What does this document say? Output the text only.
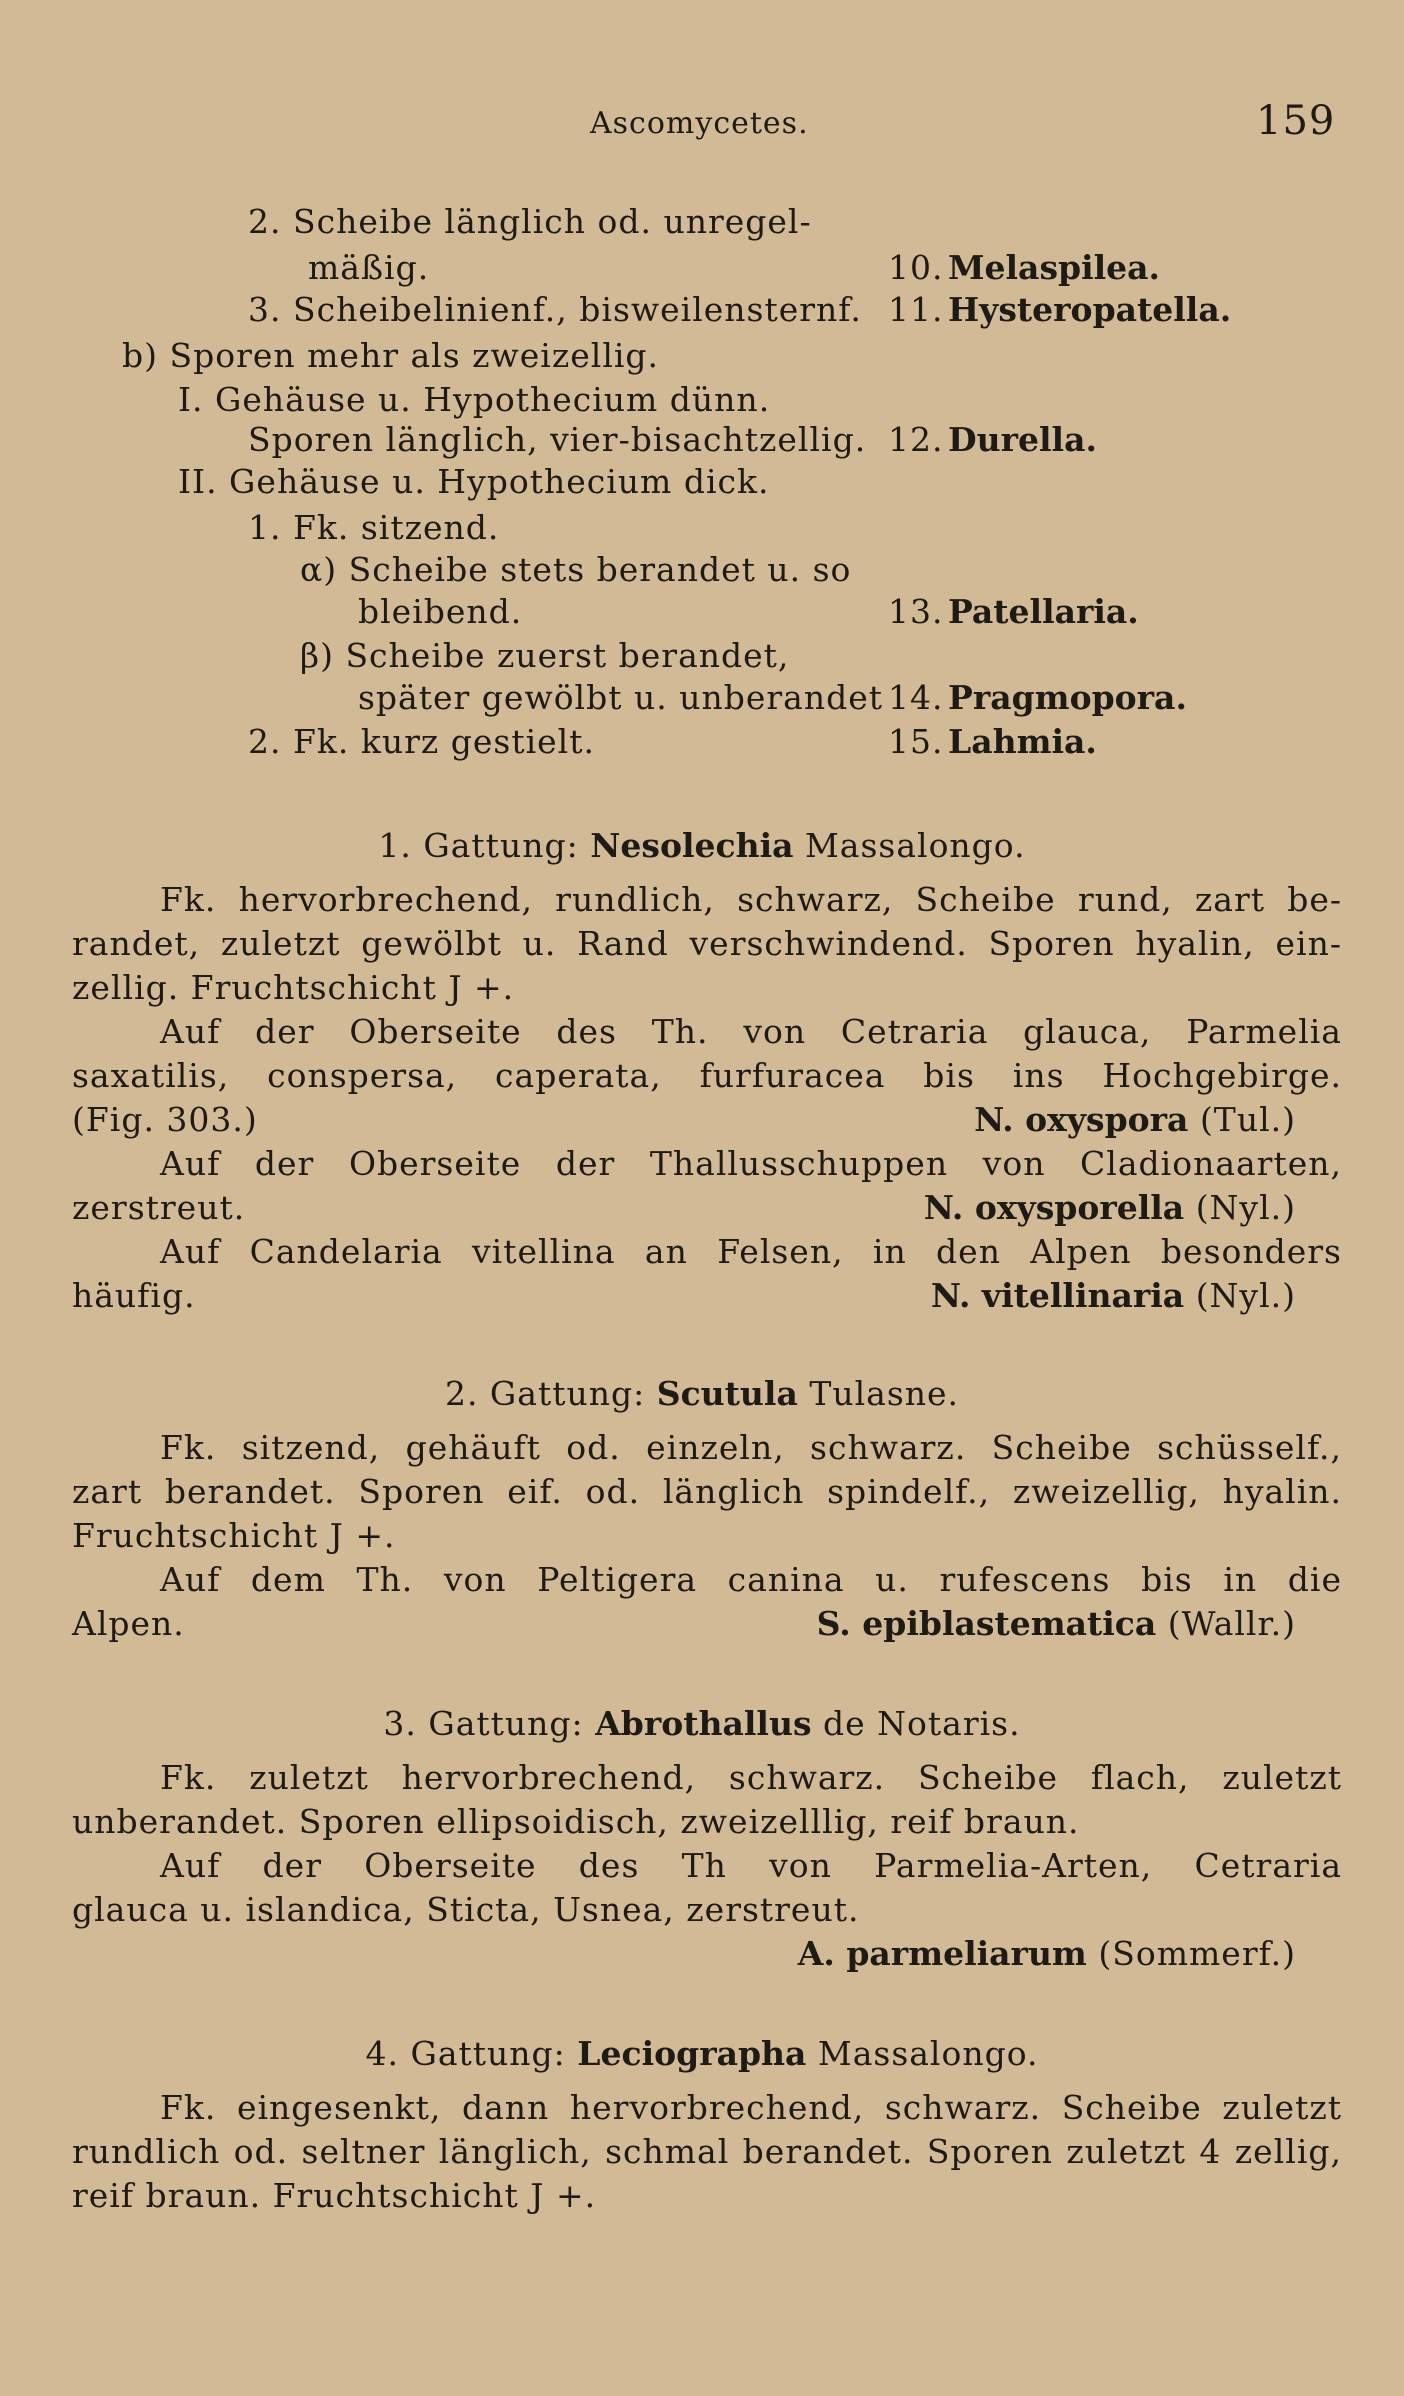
Ascomycetes.	159
2. Scheibe länglich od. unregel-
mäßig.	10. Melaspilea.
3. Scheibelinienf., bisweilensternf. 11. Hysteropatella.
b) Sporen mehr als zweizellig.
I. Gehäuse u. Hypothecium dünn.
Sporen länglich, vier-bisachtzellig. 12. Durella.
II. Gehäuse u. Hypothecium dick.
1. Fk. sitzend.
α) Scheibe stets berandet u. so
bleibend.	13. Patellaria.
β) Scheibe zuerst berandet,
später gewölbt u. unberandet 14. Pragmopora.
2. Fk. kurz gestielt.	15. Lahmia.
1. Gattung: Nesolechia Massalongo.
Fk. hervorbrechend, rundlich, schwarz, Scheibe rund, zart be-
randet, zuletzt gewölbt u. Rand verschwindend. Sporen hyalin, ein-
zellig. Fruchtschicht J +.
Auf der Oberseite des Th. von Cetraria glauca, Parmelia
saxatilis, conspersa, caperata, furfuracea bis ins Hochgebirge.
(Fig. 303.)	N. oxyspora (Tul.)
Auf der Oberseite der Thallusschuppen von Cladionaarten,
zerstreut.	N. oxysporella (Nyl.)
Auf Candelaria vitellina an Felsen, in den Alpen besonders
häufig.	N. vitellinaria (Nyl.)
2. Gattung: Scutula Tulasne.
Fk. sitzend, gehäuft od. einzeln, schwarz. Scheibe schüsself.,
zart berandet. Sporen eif. od. länglich spindelf., zweizellig, hyalin.
Fruchtschicht J +.
Auf dem Th. von Peltigera canina u. rufescens bis in die
Alpen.	S. epiblastematica (Wallr.)
3. Gattung: Abrothallus de Notaris.
Fk. zuletzt hervorbrechend, schwarz. Scheibe flach, zuletzt
unberandet. Sporen ellipsoidisch, zweizelllig, reif braun.
Auf der Oberseite des Th von Parmelia-Arten, Cetraria
glauca u. islandica, Sticta, Usnea, zerstreut.
A. parmeliarum (Sommerf.)
4. Gattung: Leciographa Massalongo.
Fk. eingesenkt, dann hervorbrechend, schwarz. Scheibe zuletzt
rundlich od. seltner länglich, schmal berandet. Sporen zuletzt 4 zellig,
reif braun. Fruchtschicht J +.
